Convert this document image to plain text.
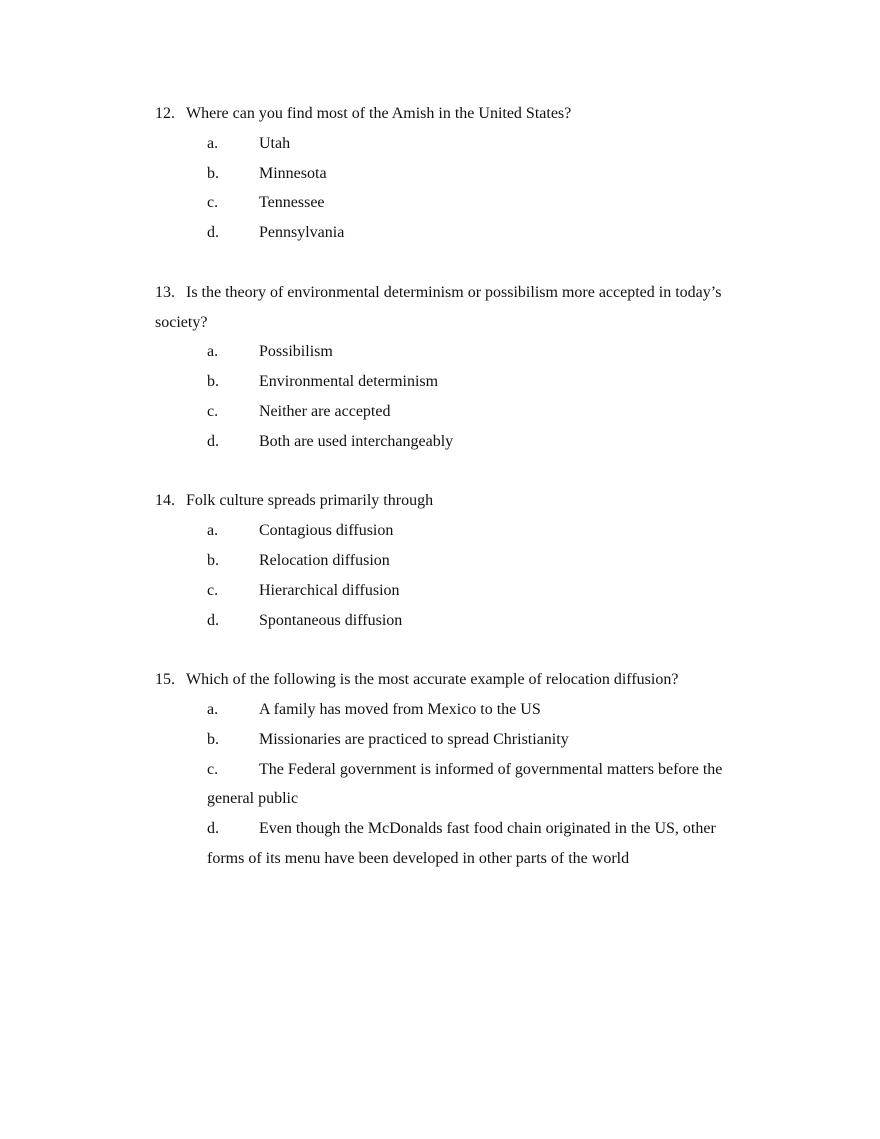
12. Where can you find most of the Amish in the United States?
a.	Utah
b.	Minnesota
c.	Tennessee
d.	Pennsylvania
13. Is the theory of environmental determinism or possibilism more accepted in today’s society?
a.	Possibilism
b.	Environmental determinism
c.	Neither are accepted
d.	Both are used interchangeably
14. Folk culture spreads primarily through
a.	Contagious diffusion
b.	Relocation diffusion
c.	Hierarchical diffusion
d.	Spontaneous diffusion
15. Which of the following is the most accurate example of relocation diffusion?
a.	A family has moved from Mexico to the US
b.	Missionaries are practiced to spread Christianity
c.	The Federal government is informed of governmental matters before the general public
d.	Even though the McDonalds fast food chain originated in the US, other forms of its menu have been developed in other parts of the world
